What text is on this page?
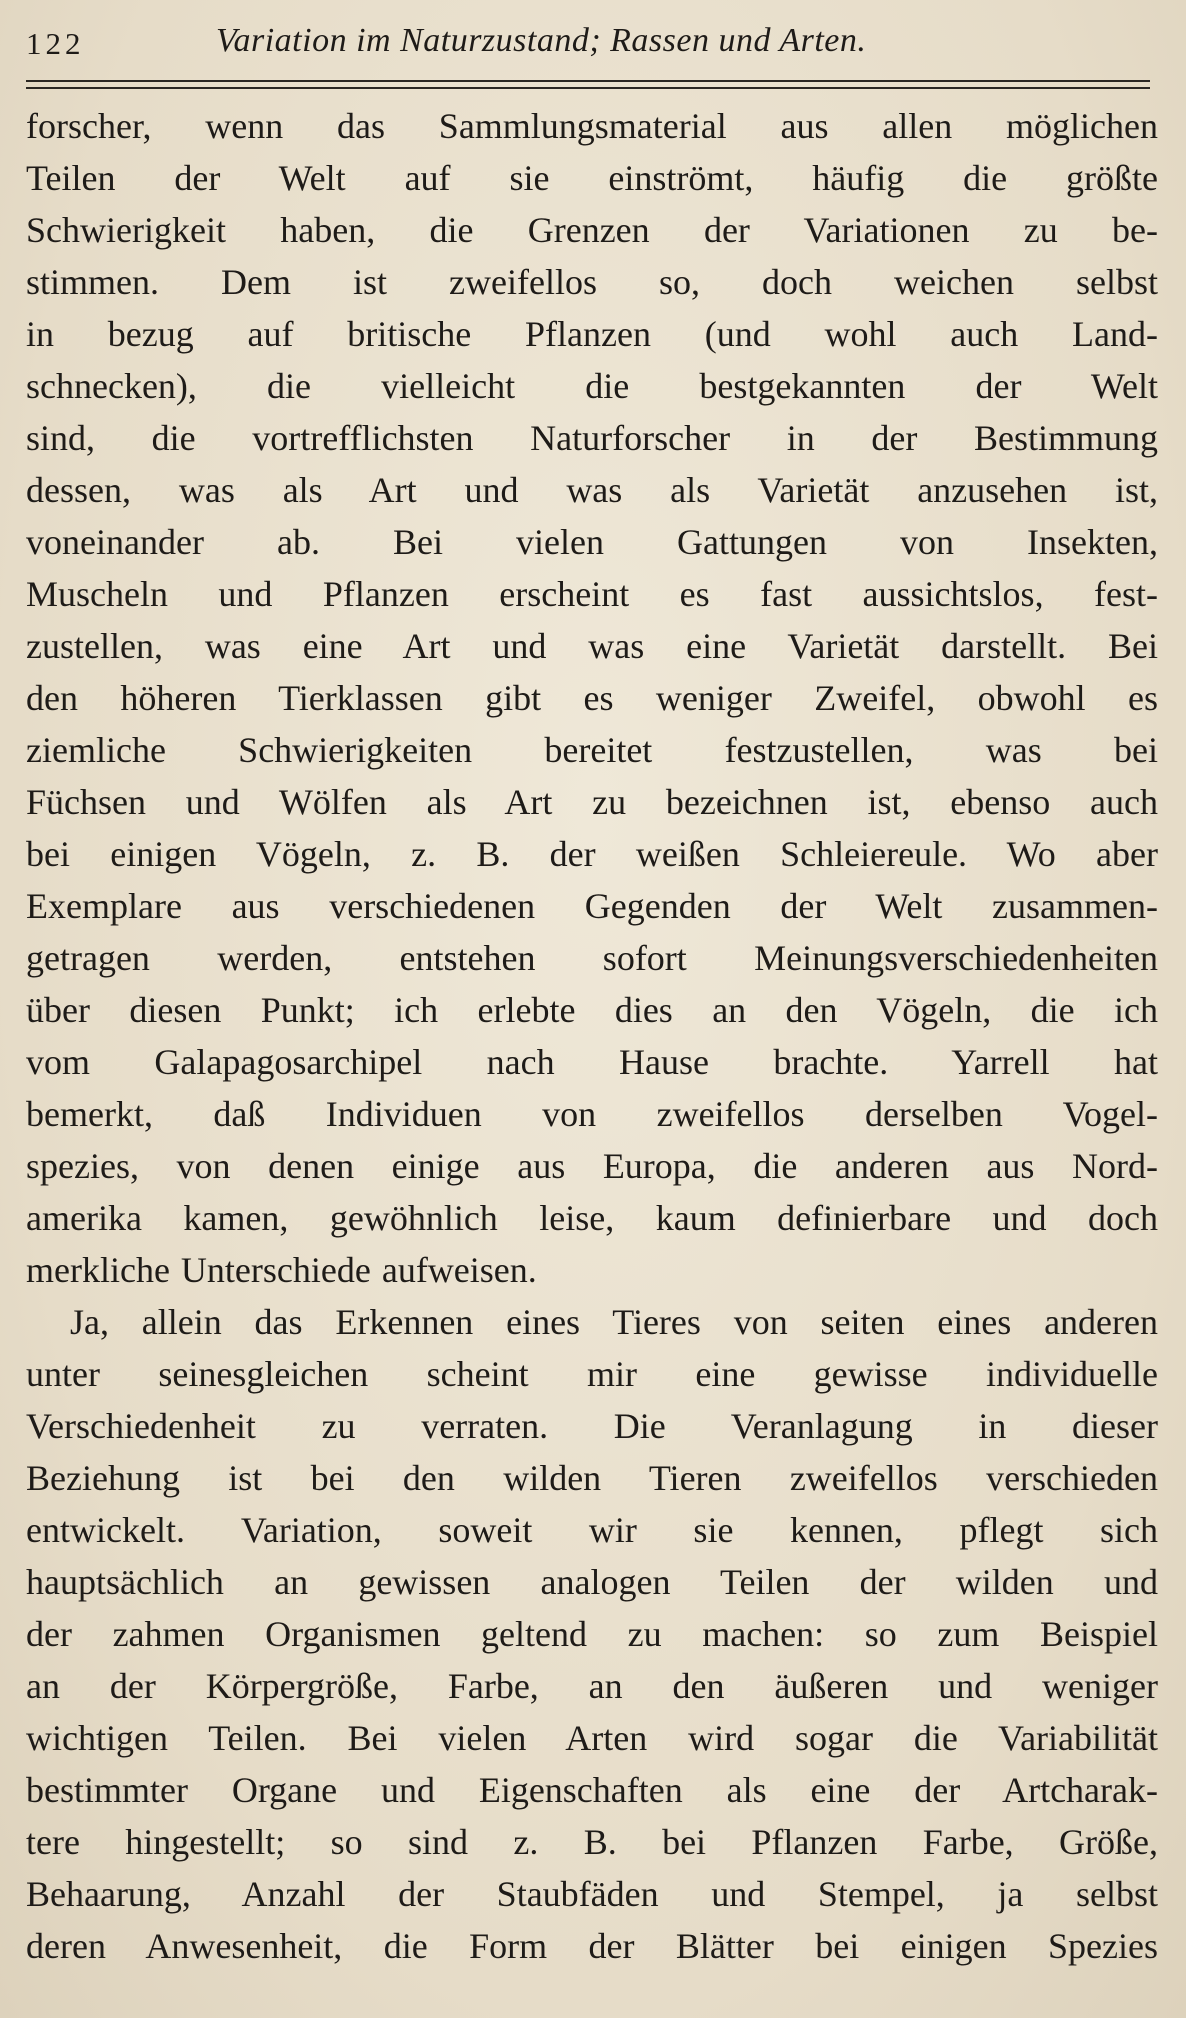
122	Variation im Naturzustand; Rassen und Arten.
forscher, wenn das Sammlungsmaterial aus allen möglichen
Teilen der Welt auf sie einströmt, häufig die größte
Schwierigkeit haben, die Grenzen der Variationen zu be-
stimmen. Dem ist zweifellos so, doch weichen selbst
in bezug auf britische Pflanzen (und wohl auch Land-
schnecken), die vielleicht die bestgekannten der Welt
sind, die vortrefflichsten Naturforscher in der Bestimmung
dessen, was als Art und was als Varietät anzusehen ist,
voneinander ab. Bei vielen Gattungen von Insekten,
Muscheln und Pflanzen erscheint es fast aussichtslos, fest-
zustellen, was eine Art und was eine Varietät darstellt. Bei
den höheren Tierklassen gibt es weniger Zweifel, obwohl es
ziemliche Schwierigkeiten bereitet festzustellen, was bei
Füchsen und Wölfen als Art zu bezeichnen ist, ebenso auch
bei einigen Vögeln, z. B. der weißen Schleiereule. Wo aber
Exemplare aus verschiedenen Gegenden der Welt zusammen-
getragen werden, entstehen sofort Meinungsverschiedenheiten
über diesen Punkt; ich erlebte dies an den Vögeln, die ich
vom Galapagosarchipel nach Hause brachte. Yarrell hat
bemerkt, daß Individuen von zweifellos derselben Vogel-
spezies, von denen einige aus Europa, die anderen aus Nord-
amerika kamen, gewöhnlich leise, kaum definierbare und doch
merkliche Unterschiede aufweisen.
Ja, allein das Erkennen eines Tieres von seiten eines anderen
unter seinesgleichen scheint mir eine gewisse individuelle
Verschiedenheit zu verraten. Die Veranlagung in dieser
Beziehung ist bei den wilden Tieren zweifellos verschieden
entwickelt. Variation, soweit wir sie kennen, pflegt sich
hauptsächlich an gewissen analogen Teilen der wilden und
der zahmen Organismen geltend zu machen: so zum Beispiel
an der Körpergröße, Farbe, an den äußeren und weniger
wichtigen Teilen. Bei vielen Arten wird sogar die Variabilität
bestimmter Organe und Eigenschaften als eine der Artcharak-
tere hingestellt; so sind z. B. bei Pflanzen Farbe, Größe,
Behaarung, Anzahl der Staubfäden und Stempel, ja selbst
deren Anwesenheit, die Form der Blätter bei einigen Spezies
